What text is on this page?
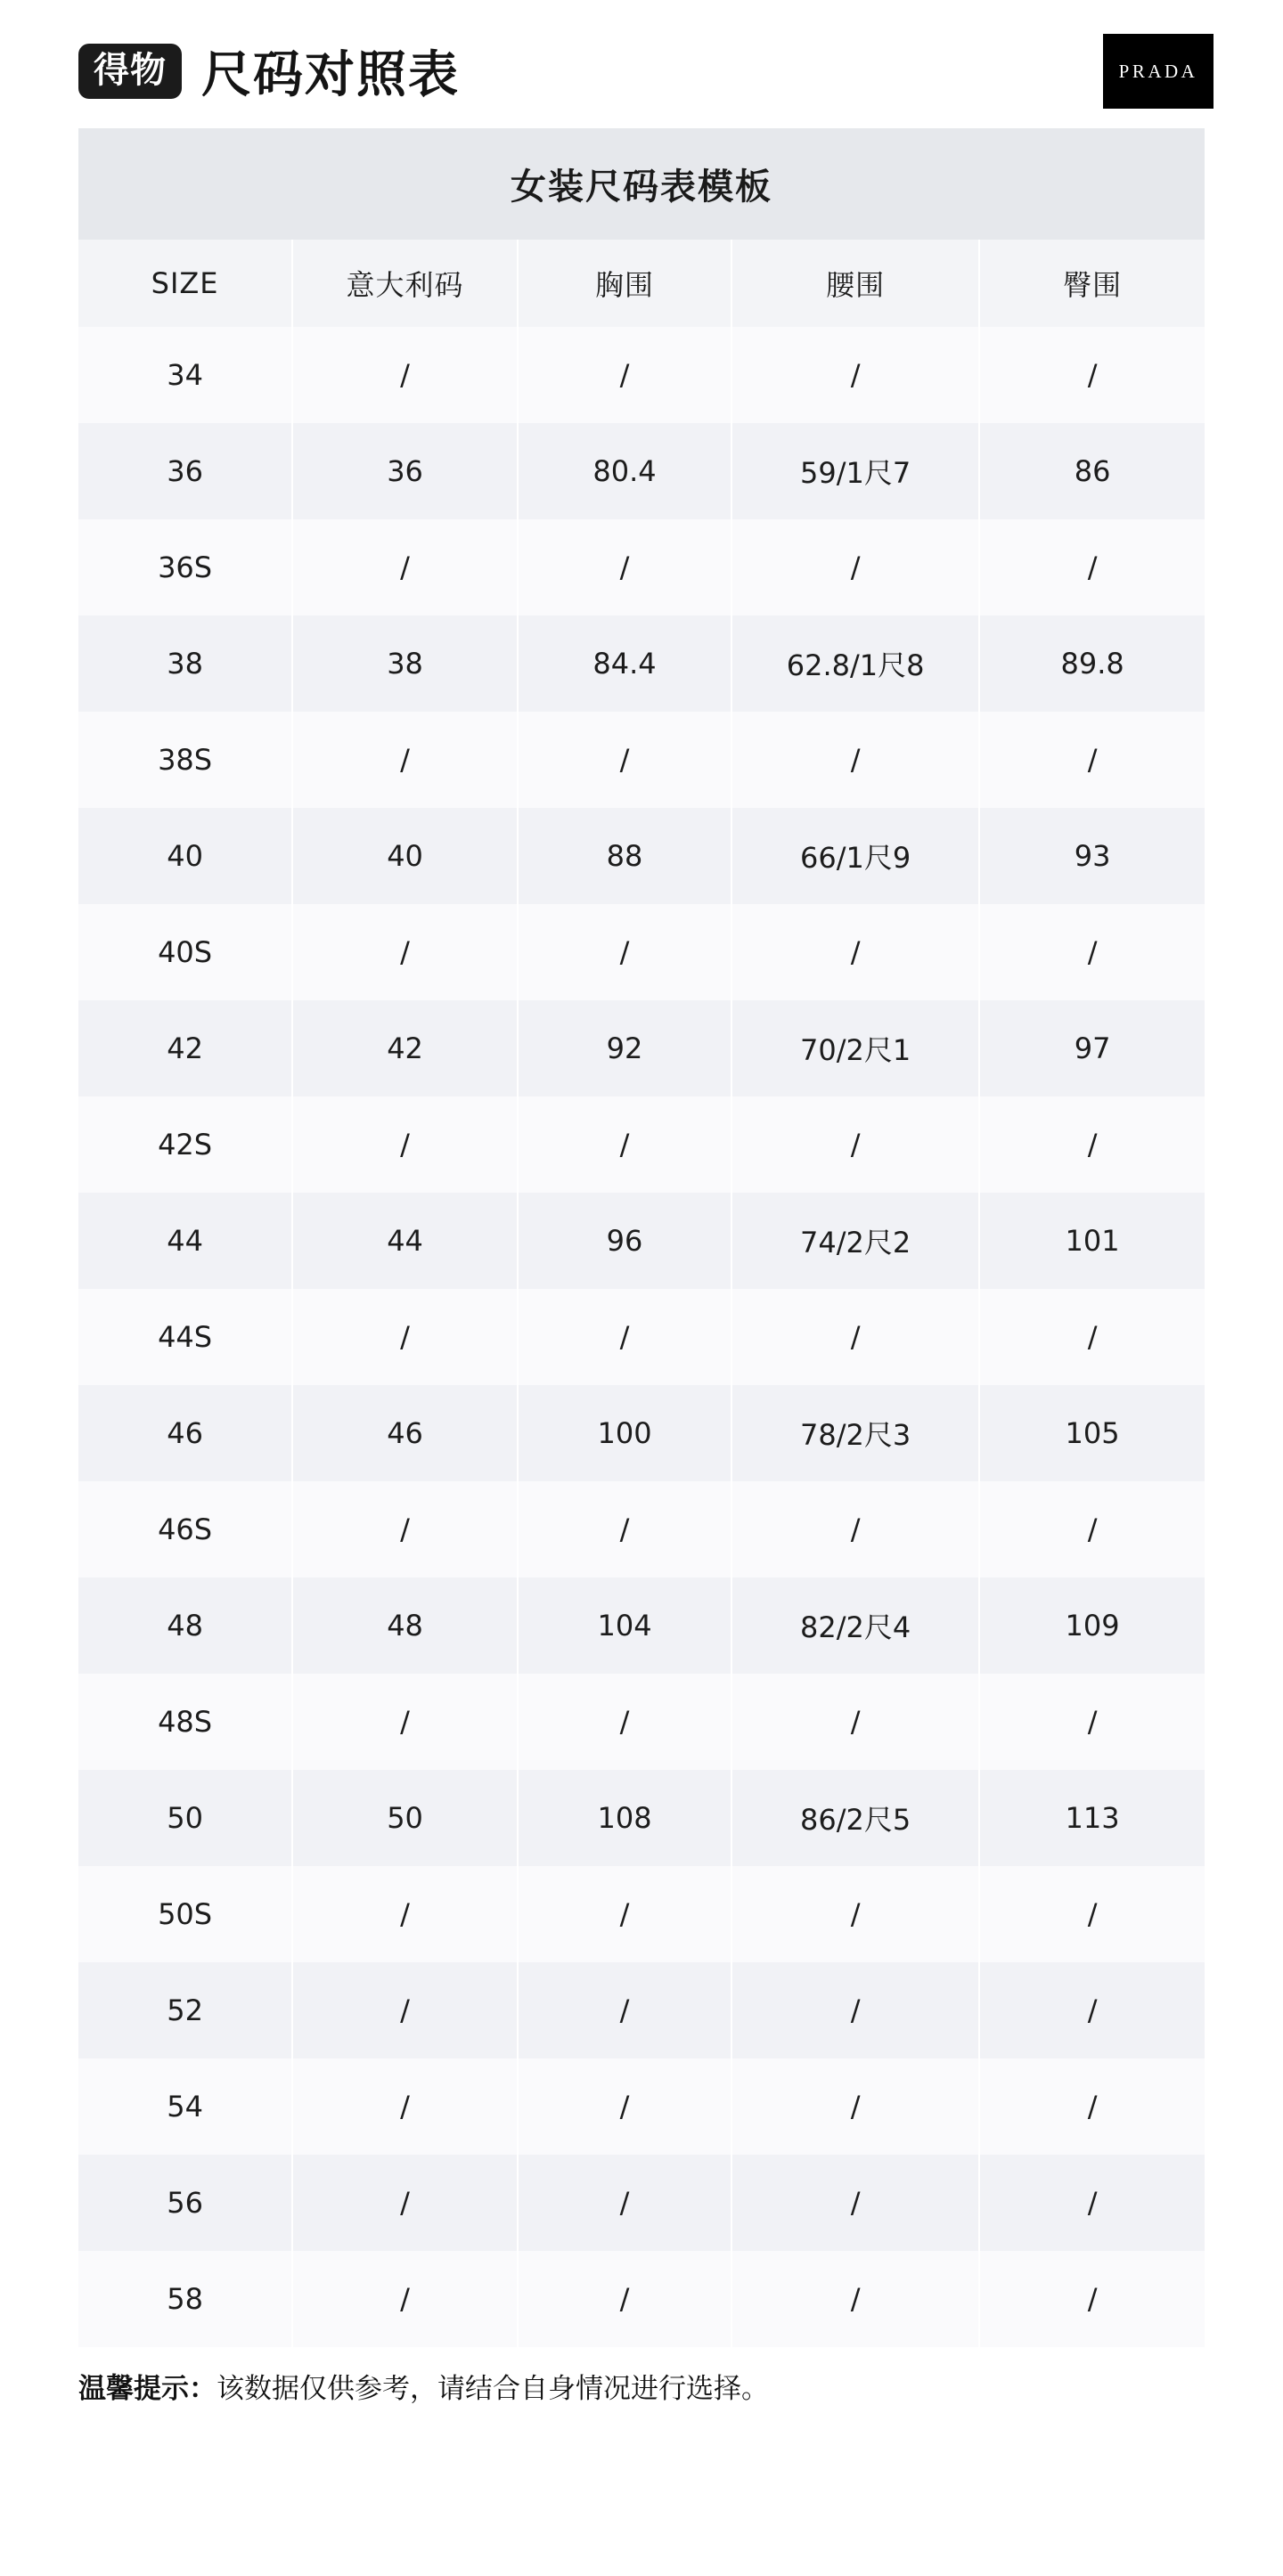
得物 尺码对照表	PRADA
女装尺码表模板
SIZE	意大利码	胸围	腰围	臀围
34	/	/	/	/
36	36	80.4	59/1尺7	86
36S	/	/	/	/
38	38	84.4	62.8/1尺8	89.8
38S	/	/	/	/
40	40	88	66/1尺9	93
40S	/	/	/	/
42	42	92	70/2尺1	97
42S	/	/	/	/
44	44	96	74/2尺2	101
44S	/	/	/	/
46	46	100	78/2尺3	105
46S	/	/	/	/
48	48	104	82/2尺4	109
48S	/	/	/	/
50	50	108	86/2尺5	113
50S	/	/	/	/
52	/	/	/	/
54	/	/	/	/
56	/	/	/	/
58	/	/	/	/
温馨提示：该数据仅供参考，请结合自身情况进行选择。
